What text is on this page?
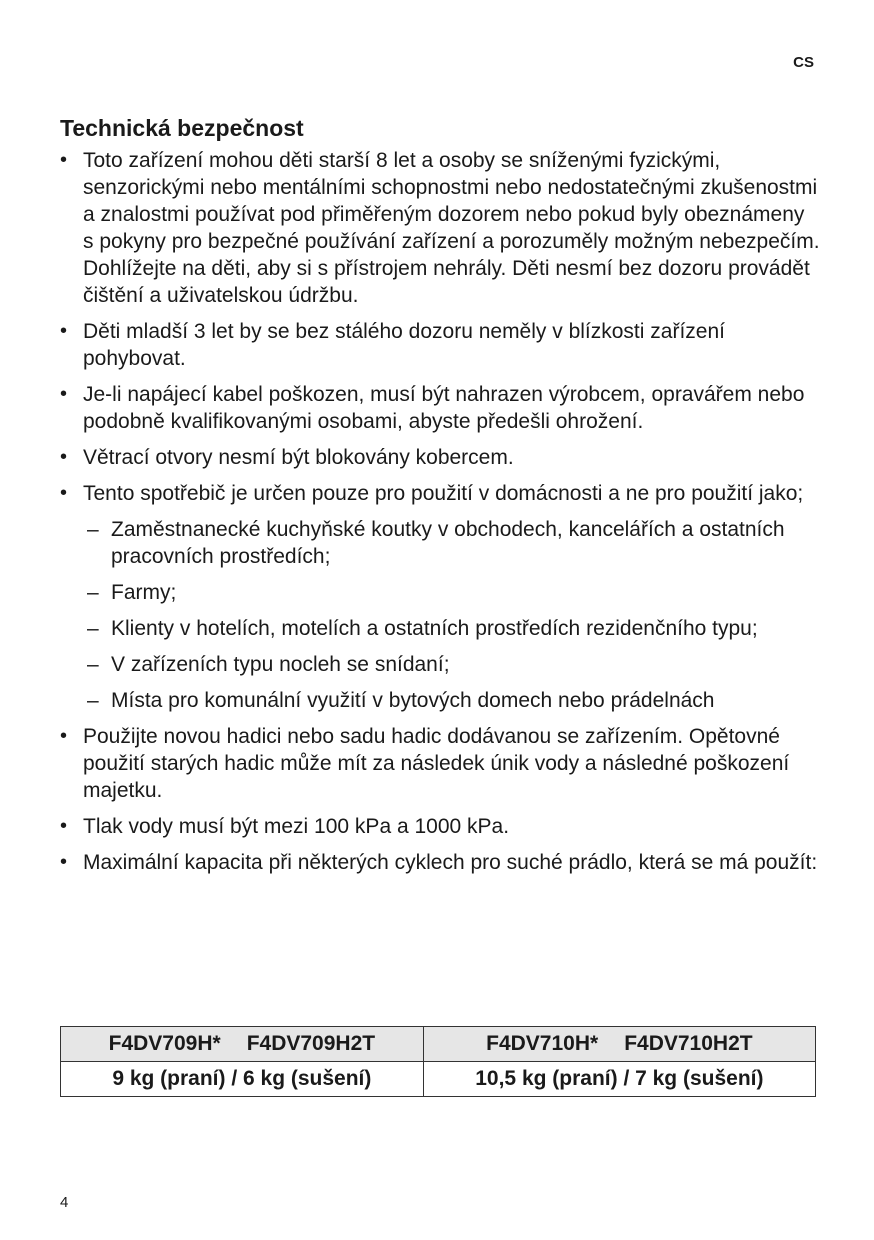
CS
Technická bezpečnost
• Toto zařízení mohou děti starší 8 let a osoby se sníženými fyzickými, senzorickými nebo mentálními schopnostmi nebo nedostatečnými zkušenostmi a znalostmi používat pod přiměřeným dozorem nebo pokud byly obeznámeny s pokyny pro bezpečné používání zařízení a porozuměly možným nebezpečím. Dohlížejte na děti, aby si s přístrojem nehrály. Děti nesmí bez dozoru provádět čištění a uživatelskou údržbu.
• Děti mladší 3 let by se bez stálého dozoru neměly v blízkosti zařízení pohybovat.
• Je-li napájecí kabel poškozen, musí být nahrazen výrobcem, opravářem nebo podobně kvalifikovanými osobami, abyste předešli ohrožení.
• Větrací otvory nesmí být blokovány kobercem.
• Tento spotřebič je určen pouze pro použití v domácnosti a ne pro použití jako;
– Zaměstnanecké kuchyňské koutky v obchodech, kancelářích a ostatních pracovních prostředích;
– Farmy;
– Klienty v hotelích, motelích a ostatních prostředích rezidenčního typu;
– V zařízeních typu nocleh se snídaní;
– Místa pro komunální využití v bytových domech nebo prádelnách
• Použijte novou hadici nebo sadu hadic dodávanou se zařízením. Opětovné použití starých hadic může mít za následek únik vody a následné poškození majetku.
• Tlak vody musí být mezi 100 kPa a 1000 kPa.
• Maximální kapacita při některých cyklech pro suché prádlo, která se má použít:
F4DV709H* F4DV709H2T	F4DV710H* F4DV710H2T
9 kg (praní) / 6 kg (sušení)	10,5 kg (praní) / 7 kg (sušení)
4
